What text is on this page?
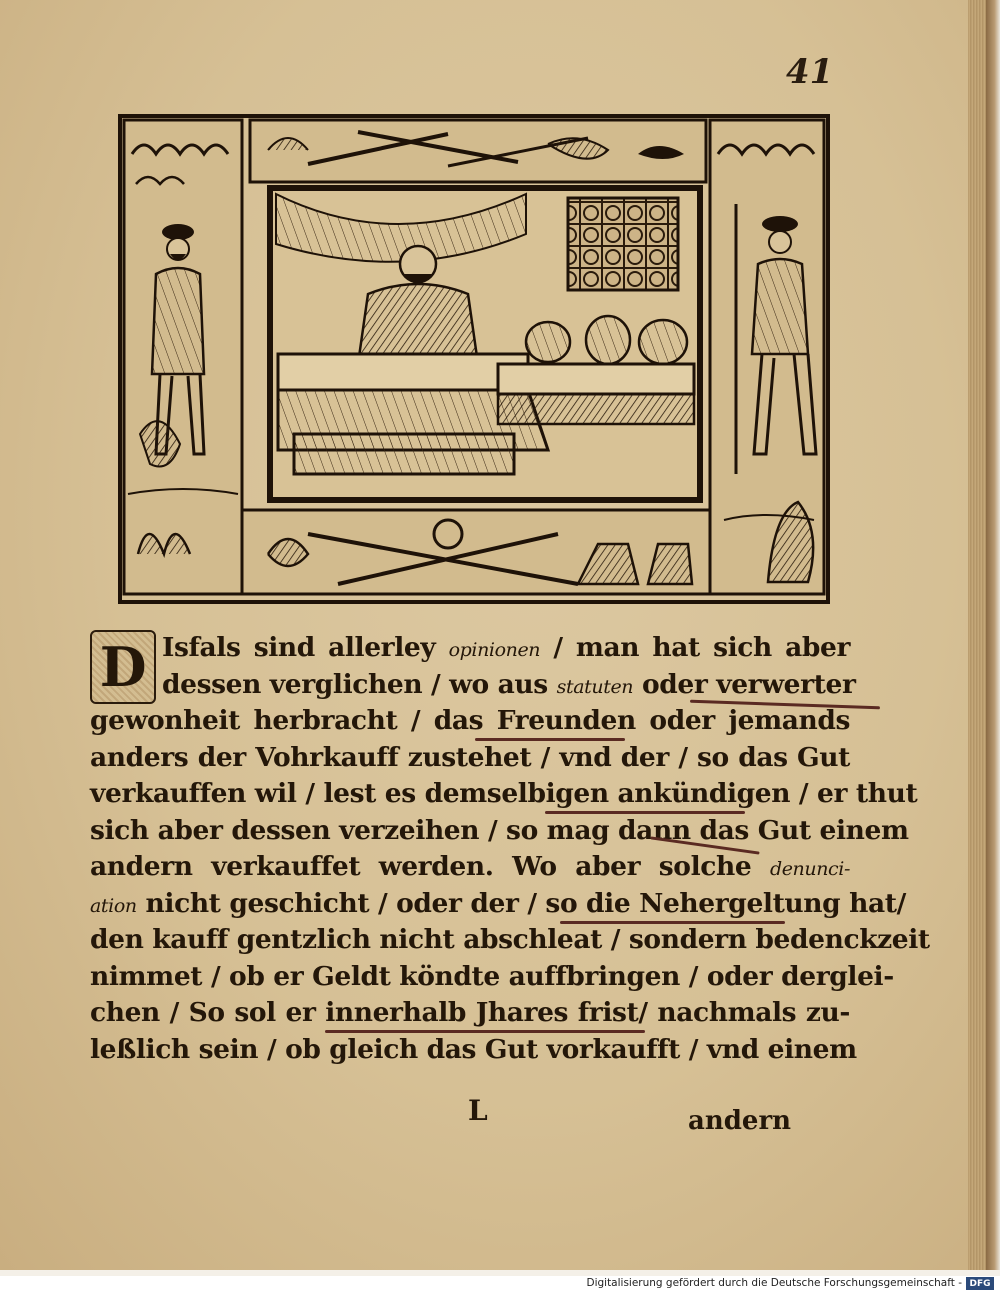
41
D Isfals sind allerley opinionen / man hat sich aber
dessen verglichen / wo aus statuten oder verwerter
gewonheit herbracht / das Freunden oder jemands
anders der Vohrkauff zustehet / vnd der / so das Gut
verkauffen wil / lest es demselbigen ankündigen / er thut
sich aber dessen verzeihen / so mag dann das Gut einem
andern verkauffet werden. Wo aber solche denunci-
ation nicht geschicht / oder der / so die Nehergeltung hat/
den kauff gentzlich nicht abschleat / sondern bedenckzeit
nimmet / ob er Geldt köndte auffbringen / oder derglei-
chen / So sol er innerhalb Jhares frist/ nachmals zu-
leßlich sein / ob gleich das Gut vorkaufft / vnd einem
L	andern
Digitalisierung gefördert durch die Deutsche Forschungsgemeinschaft - DFG
